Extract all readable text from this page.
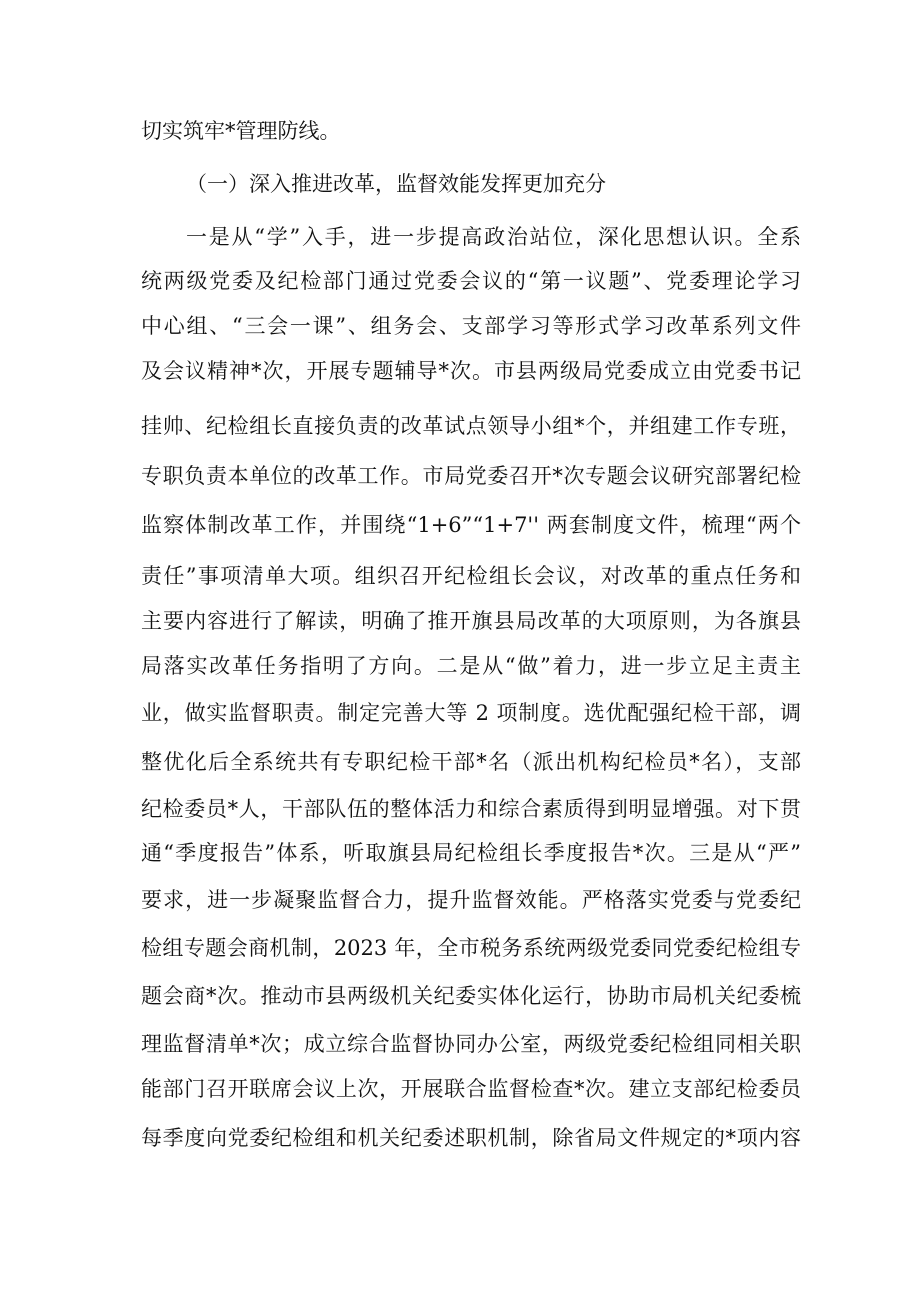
切实筑牢*管理防线。
（一）深入推进改革，监督效能发挥更加充分
一是从“学”入手，进一步提高政治站位，深化思想认识。全系
统两级党委及纪检部门通过党委会议的“第一议题”、党委理论学习
中心组、“三会一课”、组务会、支部学习等形式学习改革系列文件
及会议精神*次，开展专题辅导*次。市县两级局党委成立由党委书记
挂帅、纪检组长直接负责的改革试点领导小组*个，并组建工作专班，
专职负责本单位的改革工作。市局党委召开*次专题会议研究部署纪检
监察体制改革工作，并围绕“1+6”“1+7'' 两套制度文件，梳理“两个
责任”事项清单大项。组织召开纪检组长会议，对改革的重点任务和
主要内容进行了解读，明确了推开旗县局改革的大项原则，为各旗县
局落实改革任务指明了方向。二是从“做”着力，进一步立足主责主
业，做实监督职责。制定完善大等 2 项制度。选优配强纪检干部，调
整优化后全系统共有专职纪检干部*名（派出机构纪检员*名），支部
纪检委员*人，干部队伍的整体活力和综合素质得到明显增强。对下贯
通“季度报告”体系，听取旗县局纪检组长季度报告*次。三是从“严”
要求，进一步凝聚监督合力，提升监督效能。严格落实党委与党委纪
检组专题会商机制，2023 年，全市税务系统两级党委同党委纪检组专
题会商*次。推动市县两级机关纪委实体化运行，协助市局机关纪委梳
理监督清单*次；成立综合监督协同办公室，两级党委纪检组同相关职
能部门召开联席会议上次，开展联合监督检查*次。建立支部纪检委员
每季度向党委纪检组和机关纪委述职机制，除省局文件规定的*项内容
